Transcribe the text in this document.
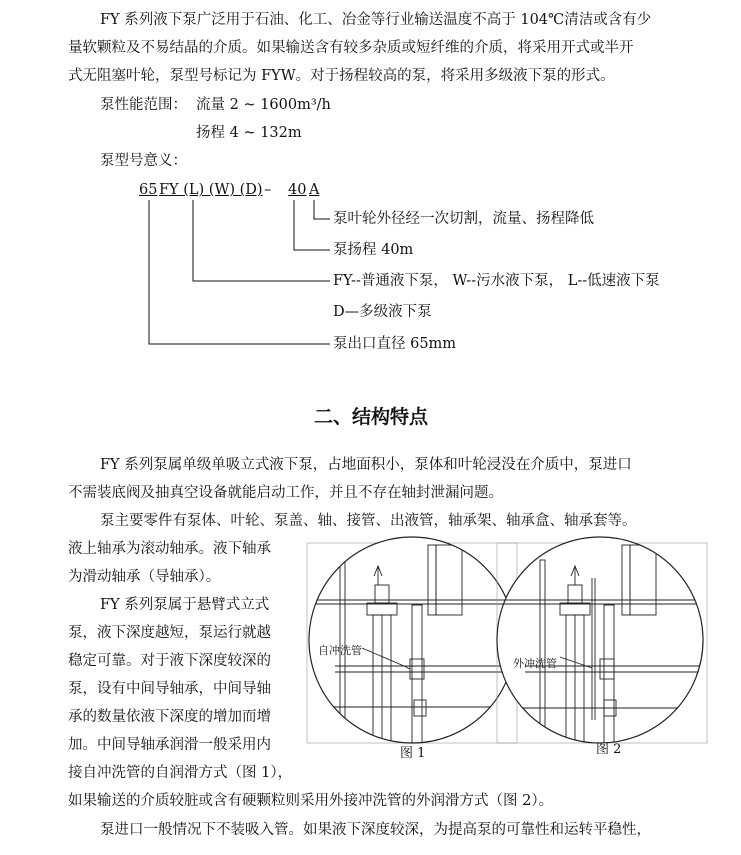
FY 系列液下泵广泛用于石油、化工、冶金等行业输送温度不高于 104℃清洁或含有少
量软颗粒及不易结晶的介质。如果输送含有较多杂质或短纤维的介质，将采用开式或半开
式无阻塞叶轮，泵型号标记为 FYW。对于扬程较高的泵，将采用多级液下泵的形式。
泵性能范围： 流量 2 ~ 1600m³/h
扬程 4 ~ 132m
泵型号意义：
65 FY (L) (W) (D) – 40 A
泵叶轮外径经一次切割，流量、扬程降低
泵扬程 40m
FY--普通液下泵， W--污水液下泵， L--低速液下泵
D—多级液下泵
泵出口直径 65mm
二、结构特点
FY 系列泵属单级单吸立式液下泵，占地面积小，泵体和叶轮浸没在介质中，泵进口
不需装底阀及抽真空设备就能启动工作，并且不存在轴封泄漏问题。
泵主要零件有泵体、叶轮、泵盖、轴、接管、出液管，轴承架、轴承盒、轴承套等。
液上轴承为滚动轴承。液下轴承
为滑动轴承（导轴承）。
FY 系列泵属于悬臂式立式
泵，液下深度越短，泵运行就越
稳定可靠。对于液下深度较深的
泵，设有中间导轴承，中间导轴
承的数量依液下深度的增加而增
加。中间导轴承润滑一般采用内
接自冲洗管的自润滑方式（图 1），
如果输送的介质较脏或含有硬颗粒则采用外接冲洗管的外润滑方式（图 2）。
泵进口一般情况下不装吸入管。如果液下深度较深，为提高泵的可靠性和运转平稳性，
自冲洗管
外冲洗管
图 1	图 2
